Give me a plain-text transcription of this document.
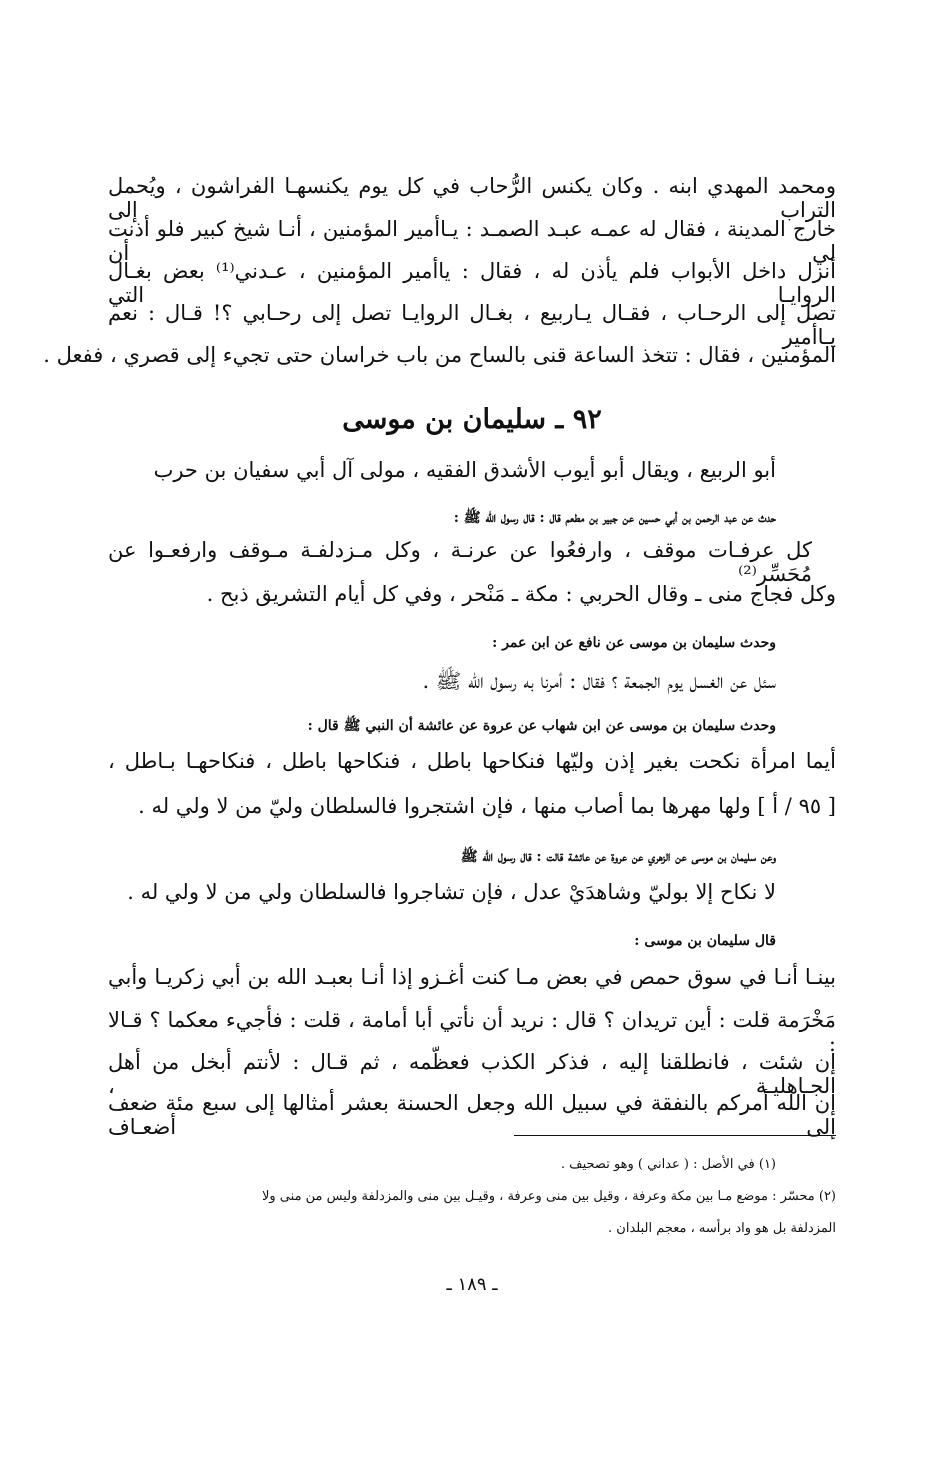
ومحمد المهدي ابنه . وكان يكنس الرُّحاب في كل يوم يكنسهـا الفراشون ، ويُحمل التراب إلى
خارج المدينة ، فقال له عمـه عبـد الصمـد : يـاأمير المؤمنين ، أنـا شيخ كبير فلو أذنت لي أن
أنزل داخل الأبواب فلم يأذن له ، فقال : ياأمير المؤمنين ، عـدني⁽¹⁾ بعض بغـال الروايـا التي
تصل إلى الرحـاب ، فقـال يـاربيع ، بغـال الروايـا تصل إلى رحـابي ؟! قـال : نعم يـاأمير
المؤمنين ، فقال : تتخذ الساعة قنى بالساح من باب خراسان حتى تجيء إلى قصري ، ففعل .
٩٢ ـ سليمان بن موسى
أبو الربيع ، ويقال أبو أيوب الأشدق الفقيه ، مولى آل أبي سفيان بن حرب
حدث عن عبد الرحمن بن أبي حسين عن جبير بن مطعم قال : قال رسول الله ﷺ :
كل عرفـات موقف ، وارفعُوا عن عرنـة ، وكل مـزدلفـة مـوقف وارفعـوا عن مُحَسِّر⁽²⁾
وكل فجاج منى ـ وقال الحربي : مكة ـ مَنْحر ، وفي كل أيام التشريق ذبح .
وحدث سليمان بن موسى عن نافع عن ابن عمر :
سئل عن الغسل يوم الجمعة ؟ فقال : أمرنا به رسول الله ﷺ .
وحدث سليمان بن موسى عن ابن شهاب عن عروة عن عائشة أن النبي ﷺ قال :
أيما امرأة نكحت بغير إذن وليّها فنكاحها باطل ، فنكاحها باطل ، فنكاحهـا بـاطل ،
[ ٩٥ / أ ] ولها مهرها بما أصاب منها ، فإن اشتجروا فالسلطان وليّ من لا ولي له .
وعن سليمان بن موسى عن الزهري عن عروة عن عائشة قالت : قال رسول الله ﷺ
لا نكاح إلا بوليّ وشاهدَيْ عدل ، فإن تشاجروا فالسلطان ولي من لا ولي له .
قال سليمان بن موسى :
بينـا أنـا في سوق حمص في بعض مـا كنت أغـزو إذا أنـا بعبـد الله بن أبي زكريـا وأبي
مَخْرَمة قلت : أين تريدان ؟ قال : نريد أن نأتي أبا أمامة ، قلت : فأجيء معكما ؟ قـالا :
إن شئت ، فانطلقنا إليه ، فذكر الكذب فعظّمه ، ثم قـال : لأنتم أبخل من أهل الجـاهليـة ،
إن الله أمركم بالنفقة في سبيل الله وجعل الحسنة بعشر أمثالها إلى سبع مئة ضعف إلى أضعـاف
(١) في الأصل : ( عداني ) وهو تصحيف .
(٢) محسّر : موضع مـا بين مكة وعرفة ، وقيل بين منى وعرفة ، وقيـل بين منى والمزدلفة وليس من منى ولا
المزدلفة بل هو واد برأسه ، معجم البلدان .
ـ ١٨٩ ـ
